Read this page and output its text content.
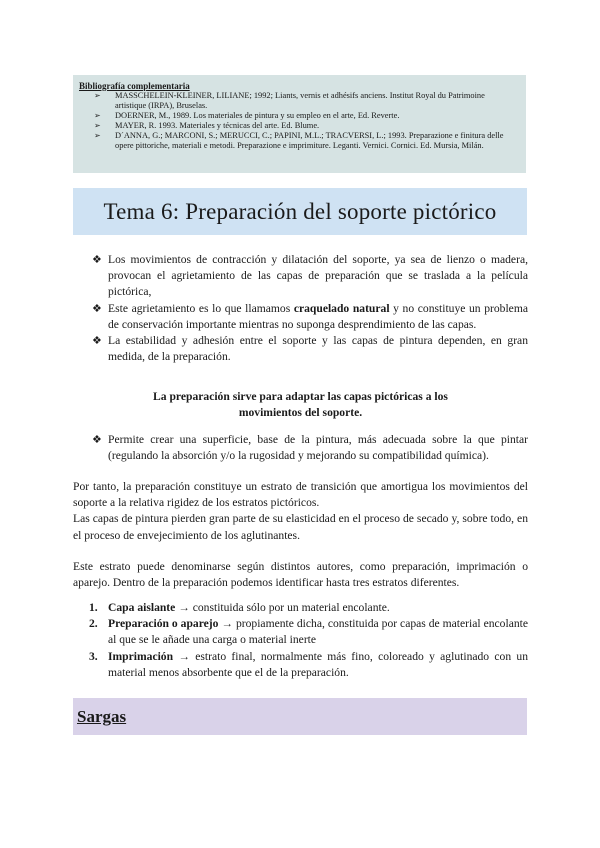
Bibliografía complementaria
➢ MASSCHELEIN-KLEINER, LILIANE; 1992; Liants, vernis et adhésifs anciens. Institut Royal du Patrimoine artistique (IRPA), Bruselas.
➢ DOERNER, M., 1989. Los materiales de pintura y su empleo en el arte, Ed. Reverte.
➢ MAYER, R. 1993. Materiales y técnicas del arte. Ed. Blume.
➢ D´ANNA, G.; MARCONI, S.; MERUCCI, C.; PAPINI, M.L.; TRACVERSI, L.; 1993. Preparazione e finitura delle opere pittoriche, materiali e metodi. Preparazione e imprimiture. Leganti. Vernici. Cornici. Ed. Mursia, Milán.
Tema 6: Preparación del soporte pictórico
❖ Los movimientos de contracción y dilatación del soporte, ya sea de lienzo o madera, provocan el agrietamiento de las capas de preparación que se traslada a la película pictórica,
❖ Este agrietamiento es lo que llamamos craquelado natural y no constituye un problema de conservación importante mientras no suponga desprendimiento de las capas.
❖ La estabilidad y adhesión entre el soporte y las capas de pintura dependen, en gran medida, de la preparación.
La preparación sirve para adaptar las capas pictóricas a los
movimientos del soporte.
❖ Permite crear una superficie, base de la pintura, más adecuada sobre la que pintar (regulando la absorción y/o la rugosidad y mejorando su compatibilidad química).

Por tanto, la preparación constituye un estrato de transición que amortigua los movimientos del soporte a la relativa rigidez de los estratos pictóricos.

Las capas de pintura pierden gran parte de su elasticidad en el proceso de secado y, sobre todo, en el proceso de envejecimiento de los aglutinantes.

Este estrato puede denominarse según distintos autores, como preparación, imprimación o aparejo. Dentro de la preparación podemos identificar hasta tres estratos diferentes.

1. Capa aislante → constituida sólo por un material encolante.
2. Preparación o aparejo → propiamente dicha, constituida por capas de material encolante al que se le añade una carga o material inerte
3. Imprimación → estrato final, normalmente más fino, coloreado y aglutinado con un material menos absorbente que el de la preparación.
Sargas
